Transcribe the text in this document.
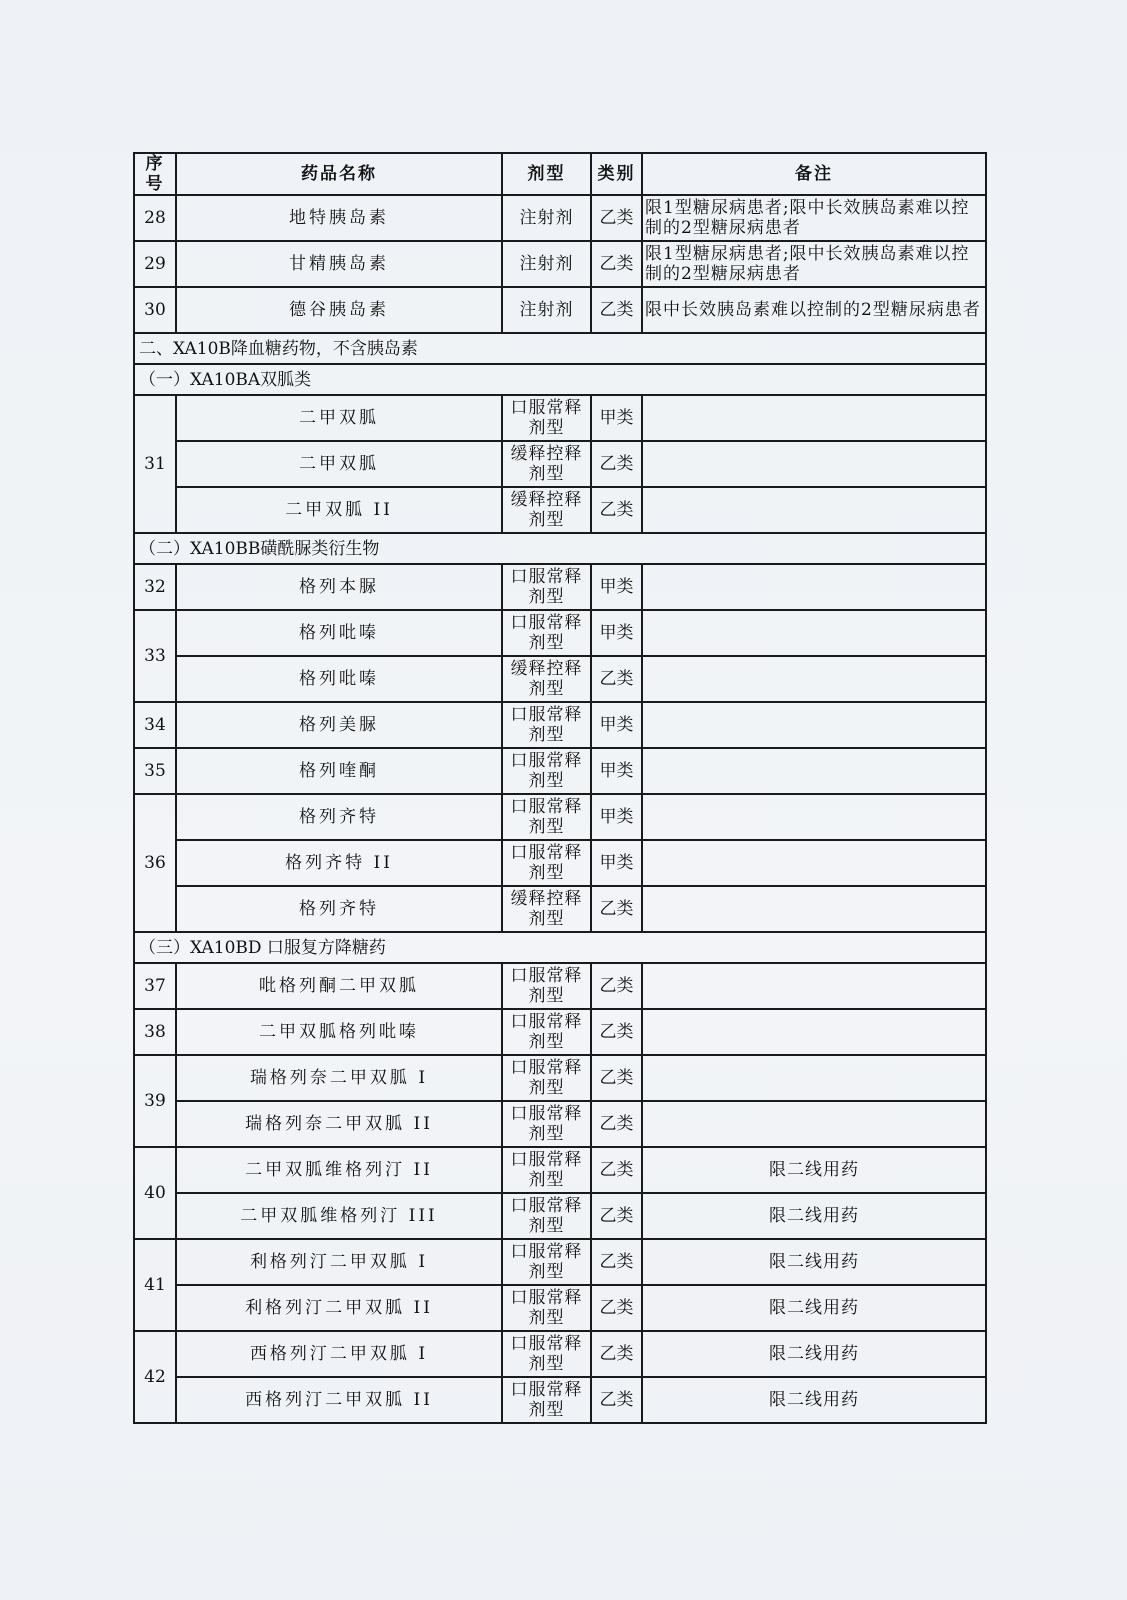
序号	药品名称	剂型	类别	备注
28	地特胰岛素	注射剂	乙类	限1型糖尿病患者;限中长效胰岛素难以控制的2型糖尿病患者
29	甘精胰岛素	注射剂	乙类	限1型糖尿病患者;限中长效胰岛素难以控制的2型糖尿病患者
30	德谷胰岛素	注射剂	乙类	限中长效胰岛素难以控制的2型糖尿病患者
二、XA10B降血糖药物，不含胰岛素				
（一）XA10BA双胍类				
31	二甲双胍	口服常释剂型	甲类	
	二甲双胍	缓释控释剂型	乙类	
	二甲双胍 II	缓释控释剂型	乙类	
（二）XA10BB磺酰脲类衍生物				
32	格列本脲	口服常释剂型	甲类	
33	格列吡嗪	口服常释剂型	甲类	
	格列吡嗪	缓释控释剂型	乙类	
34	格列美脲	口服常释剂型	甲类	
35	格列喹酮	口服常释剂型	甲类	
36	格列齐特	口服常释剂型	甲类	
	格列齐特 II	口服常释剂型	甲类	
	格列齐特	缓释控释剂型	乙类	
（三）XA10BD 口服复方降糖药				
37	吡格列酮二甲双胍	口服常释剂型	乙类	
38	二甲双胍格列吡嗪	口服常释剂型	乙类	
39	瑞格列奈二甲双胍 I	口服常释剂型	乙类	
	瑞格列奈二甲双胍 II	口服常释剂型	乙类	
40	二甲双胍维格列汀 II	口服常释剂型	乙类	限二线用药
	二甲双胍维格列汀 III	口服常释剂型	乙类	限二线用药
41	利格列汀二甲双胍 I	口服常释剂型	乙类	限二线用药
	利格列汀二甲双胍 II	口服常释剂型	乙类	限二线用药
42	西格列汀二甲双胍 I	口服常释剂型	乙类	限二线用药
	西格列汀二甲双胍 II	口服常释剂型	乙类	限二线用药
